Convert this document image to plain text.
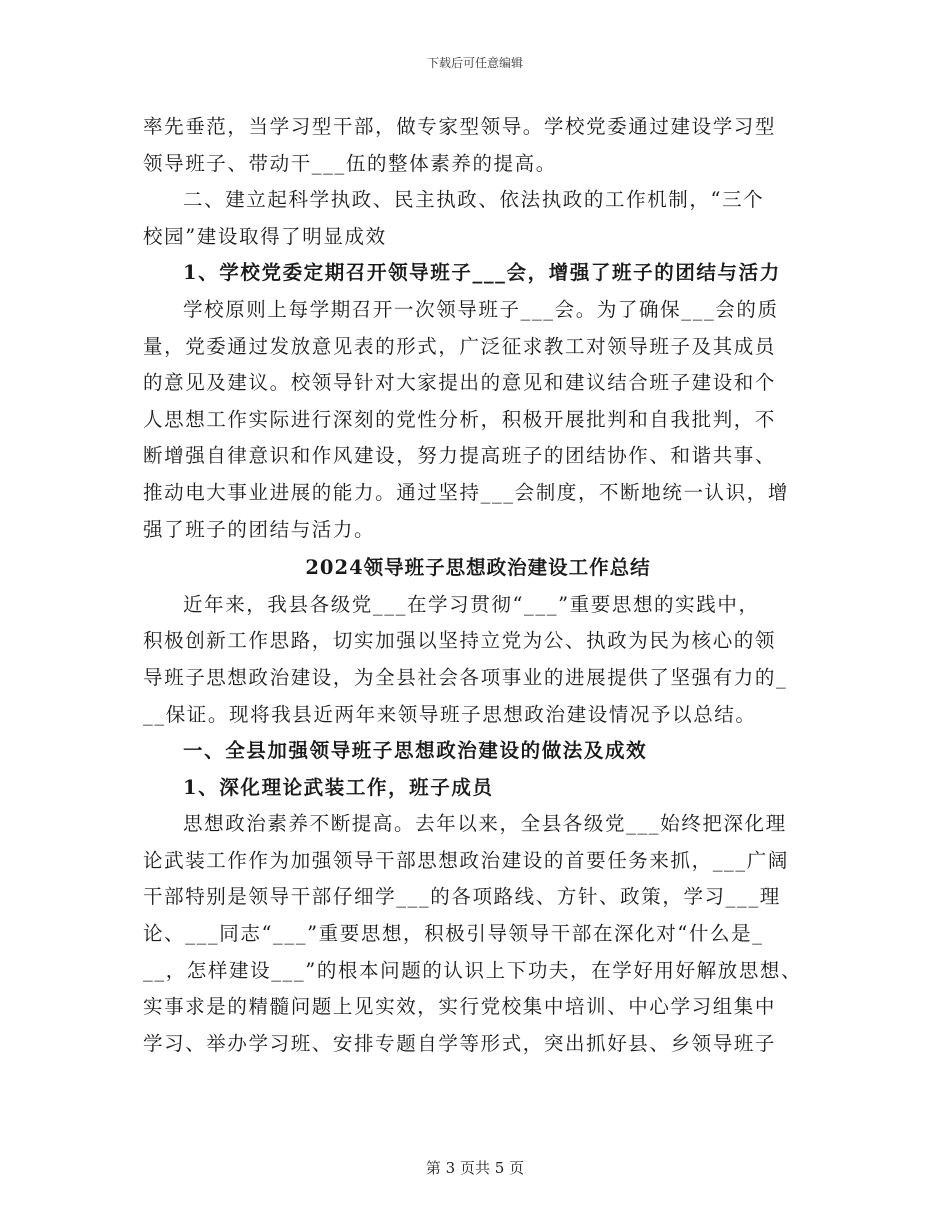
下载后可任意编辑
率先垂范，当学习型干部，做专家型领导。学校党委通过建设学习型
领导班子、带动干___伍的整体素养的提高。
二、建立起科学执政、民主执政、依法执政的工作机制，“三个
校园”建设取得了明显成效
1、学校党委定期召开领导班子___会，增强了班子的团结与活力
学校原则上每学期召开一次领导班子___会。为了确保___会的质
量，党委通过发放意见表的形式，广泛征求教工对领导班子及其成员
的意见及建议。校领导针对大家提出的意见和建议结合班子建设和个
人思想工作实际进行深刻的党性分析，积极开展批判和自我批判，不
断增强自律意识和作风建设，努力提高班子的团结协作、和谐共事、
推动电大事业进展的能力。通过坚持___会制度，不断地统一认识，增
强了班子的团结与活力。
2024领导班子思想政治建设工作总结
近年来，我县各级党___在学习贯彻“___”重要思想的实践中，
积极创新工作思路，切实加强以坚持立党为公、执政为民为核心的领
导班子思想政治建设，为全县社会各项事业的进展提供了坚强有力的_
__保证。现将我县近两年来领导班子思想政治建设情况予以总结。
一、全县加强领导班子思想政治建设的做法及成效
1、深化理论武装工作，班子成员
思想政治素养不断提高。去年以来，全县各级党___始终把深化理
论武装工作作为加强领导干部思想政治建设的首要任务来抓，___广阔
干部特别是领导干部仔细学___的各项路线、方针、政策，学习___理
论、___同志“___”重要思想，积极引导领导干部在深化对“什么是_
__，怎样建设___”的根本问题的认识上下功夫，在学好用好解放思想、
实事求是的精髓问题上见实效，实行党校集中培训、中心学习组集中
学习、举办学习班、安排专题自学等形式，突出抓好县、乡领导班子
第 3 页共 5 页
